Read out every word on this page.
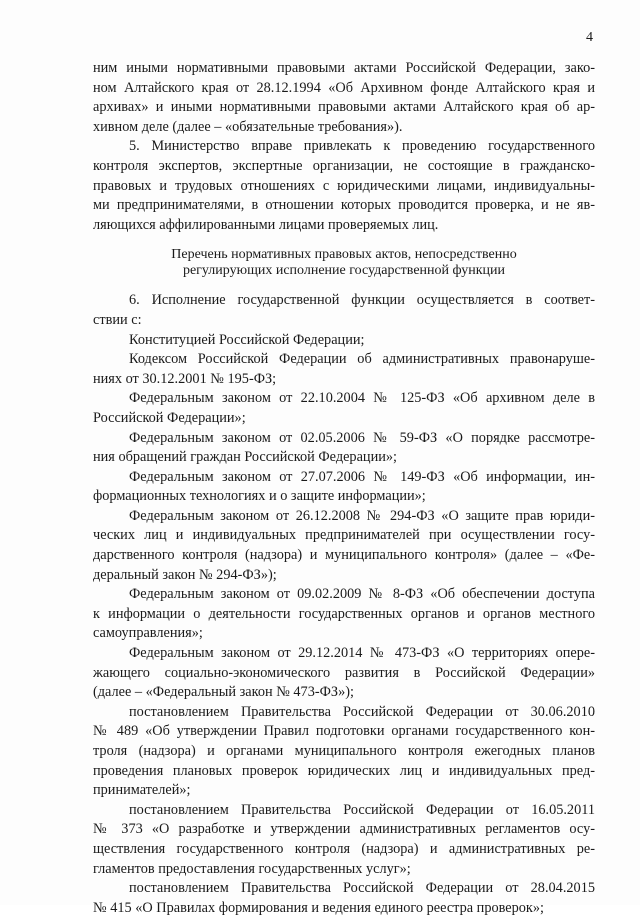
4
ним иными нормативными правовыми актами Российской Федерации, зако-
ном Алтайского края от 28.12.1994 «Об Архивном фонде Алтайского края и
архивах» и иными нормативными правовыми актами Алтайского края об ар-
хивном деле (далее – «обязательные требования»).
5. Министерство вправе привлекать к проведению государственного
контроля экспертов, экспертные организации, не состоящие в гражданско-
правовых и трудовых отношениях с юридическими лицами, индивидуальны-
ми предпринимателями, в отношении которых проводится проверка, и не яв-
ляющихся аффилированными лицами проверяемых лиц.
Перечень нормативных правовых актов, непосредственно
регулирующих исполнение государственной функции
6. Исполнение государственной функции осуществляется в соответ-
ствии с:
Конституцией Российской Федерации;
Кодексом Российской Федерации об административных правонаруше-
ниях от 30.12.2001 № 195-ФЗ;
Федеральным законом от 22.10.2004 № 125-ФЗ «Об архивном деле в
Российской Федерации»;
Федеральным законом от 02.05.2006 № 59-ФЗ «О порядке рассмотре-
ния обращений граждан Российской Федерации»;
Федеральным законом от 27.07.2006 № 149-ФЗ «Об информации, ин-
формационных технологиях и о защите информации»;
Федеральным законом от 26.12.2008 № 294-ФЗ «О защите прав юриди-
ческих лиц и индивидуальных предпринимателей при осуществлении госу-
дарственного контроля (надзора) и муниципального контроля» (далее – «Фе-
деральный закон № 294-ФЗ»);
Федеральным законом от 09.02.2009 № 8-ФЗ «Об обеспечении доступа
к информации о деятельности государственных органов и органов местного
самоуправления»;
Федеральным законом от 29.12.2014 № 473-ФЗ «О территориях опере-
жающего социально-экономического развития в Российской Федерации»
(далее – «Федеральный закон № 473-ФЗ»);
постановлением Правительства Российской Федерации от 30.06.2010
№ 489 «Об утверждении Правил подготовки органами государственного кон-
троля (надзора) и органами муниципального контроля ежегодных планов
проведения плановых проверок юридических лиц и индивидуальных пред-
принимателей»;
постановлением Правительства Российской Федерации от 16.05.2011
№ 373 «О разработке и утверждении административных регламентов осу-
ществления государственного контроля (надзора) и административных ре-
гламентов предоставления государственных услуг»;
постановлением Правительства Российской Федерации от 28.04.2015
№ 415 «О Правилах формирования и ведения единого реестра проверок»;
